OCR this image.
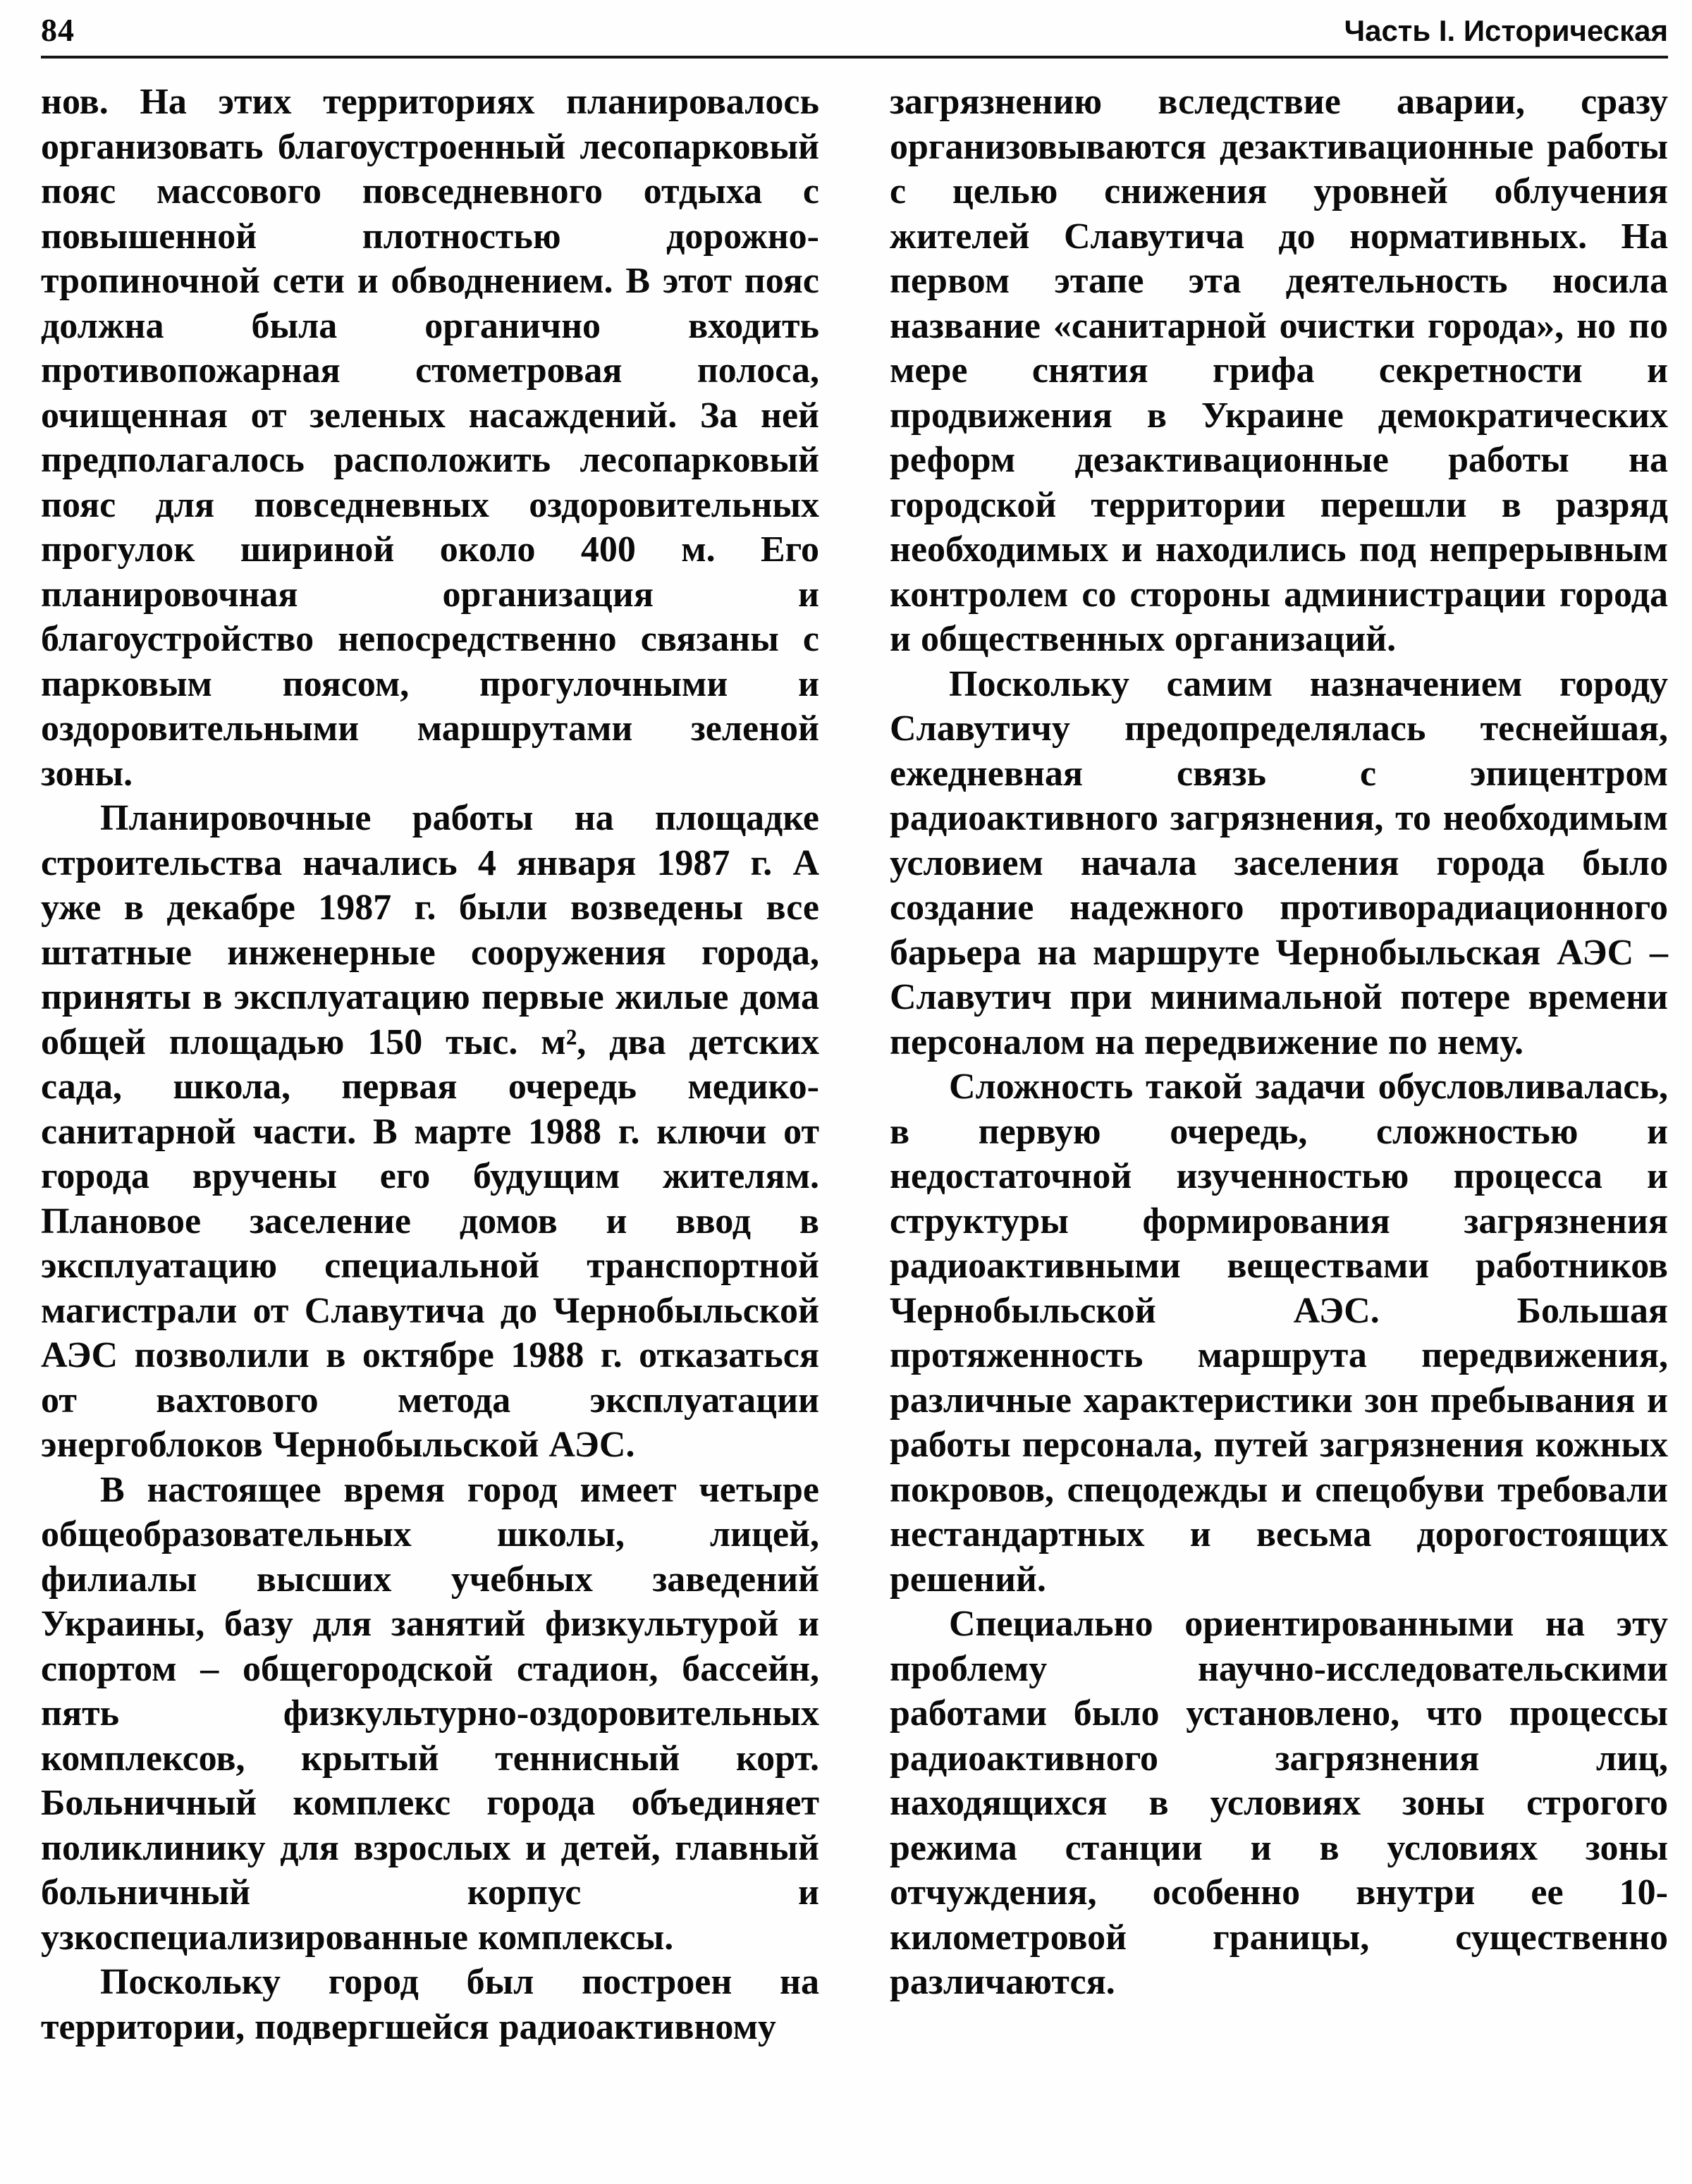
84	Часть I. Историческая

нов. На этих территориях планировалось организовать благоустроенный лесопарковый пояс массового повседневного отдыха с повышенной плотностью дорожно-тропиночной сети и обводнением. В этот пояс должна была органично входить противопожарная стометровая полоса, очищенная от зеленых насаждений. За ней предполагалось расположить лесопарковый пояс для повседневных оздоровительных прогулок шириной около 400 м. Его планировочная организация и благоустройство непосредственно связаны с парковым поясом, прогулочными и оздоровительными маршрутами зеленой зоны.

Планировочные работы на площадке строительства начались 4 января 1987 г. А уже в декабре 1987 г. были возведены все штатные инженерные сооружения города, приняты в эксплуатацию первые жилые дома общей площадью 150 тыс. м², два детских сада, школа, первая очередь медико-санитарной части. В марте 1988 г. ключи от города вручены его будущим жителям. Плановое заселение домов и ввод в эксплуатацию специальной транспортной магистрали от Славутича до Чернобыльской АЭС позволили в октябре 1988 г. отказаться от вахтового метода эксплуатации энергоблоков Чернобыльской АЭС.

В настоящее время город имеет четыре общеобразовательных школы, лицей, филиалы высших учебных заведений Украины, базу для занятий физкультурой и спортом – общегородской стадион, бассейн, пять физкультурно-оздоровительных комплексов, крытый теннисный корт. Больничный комплекс города объединяет поликлинику для взрослых и детей, главный больничный корпус и узкоспециализированные комплексы.

Поскольку город был построен на территории, подвергшейся радиоактивному

загрязнению вследствие аварии, сразу организовываются дезактивационные работы с целью снижения уровней облучения жителей Славутича до нормативных. На первом этапе эта деятельность носила название «санитарной очистки города», но по мере снятия грифа секретности и продвижения в Украине демократических реформ дезактивационные работы на городской территории перешли в разряд необходимых и находились под непрерывным контролем со стороны администрации города и общественных организаций.

Поскольку самим назначением городу Славутичу предопределялась теснейшая, ежедневная связь с эпицентром радиоактивного загрязнения, то необходимым условием начала заселения города было создание надежного противорадиационного барьера на маршруте Чернобыльская АЭС – Славутич при минимальной потере времени персоналом на передвижение по нему.

Сложность такой задачи обусловливалась, в первую очередь, сложностью и недостаточной изученностью процесса и структуры формирования загрязнения радиоактивными веществами работников Чернобыльской АЭС. Большая протяженность маршрута передвижения, различные характеристики зон пребывания и работы персонала, путей загрязнения кожных покровов, спецодежды и спецобуви требовали нестандартных и весьма дорогостоящих решений.

Специально ориентированными на эту проблему научно-исследовательскими работами было установлено, что процессы радиоактивного загрязнения лиц, находящихся в условиях зоны строгого режима станции и в условиях зоны отчуждения, особенно внутри ее 10-километровой границы, существенно различаются.
